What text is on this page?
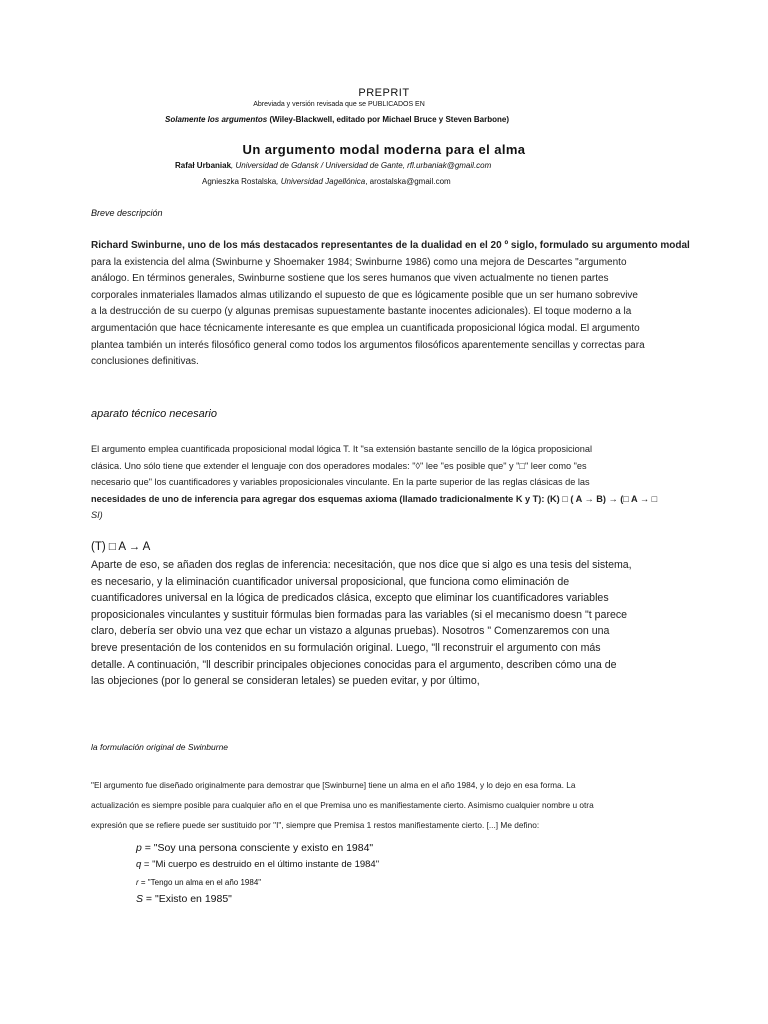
PREPRIT
Abreviada y versión revisada que se PUBLICADOS EN
Solamente los argumentos (Wiley-Blackwell, editado por Michael Bruce y Steven Barbone)
Un argumento modal moderna para el alma
Rafał Urbaniak, Universidad de Gdansk / Universidad de Gante, rfl.urbaniak@gmail.com
Agnieszka Rostalska, Universidad Jagellónica, arostalska@gmail.com
Breve descripción
Richard Swinburne, uno de los más destacados representantes de la dualidad en el 20 º siglo, formulado su argumento modal
para la existencia del alma (Swinburne y Shoemaker 1984; Swinburne 1986) como una mejora de Descartes "argumento
análogo. En términos generales, Swinburne sostiene que los seres humanos que viven actualmente no tienen partes
corporales inmateriales llamados almas utilizando el supuesto de que es lógicamente posible que un ser humano sobrevive
a la destrucción de su cuerpo (y algunas premisas supuestamente bastante inocentes adicionales). El toque moderno a la
argumentación que hace técnicamente interesante es que emplea un cuantificada proposicional lógica modal. El argumento
plantea también un interés filosófico general como todos los argumentos filosóficos aparentemente sencillas y correctas para
conclusiones definitivas.
aparato técnico necesario
El argumento emplea cuantificada proposicional modal lógica T. It "sa extensión bastante sencillo de la lógica proposicional
clásica. Uno sólo tiene que extender el lenguaje con dos operadores modales: "◊" lee "es posible que" y "□" leer como "es
necesario que" los cuantificadores y variables proposicionales vinculante. En la parte superior de las reglas clásicas de las
necesidades de uno de inferencia para agregar dos esquemas axioma (llamado tradicionalmente K y T): (K) □ ( A → B) → (□ A → □
SI)
(T) □ A → A
Aparte de eso, se añaden dos reglas de inferencia: necesitación, que nos dice que si algo es una tesis del sistema,
es necesario, y la eliminación cuantificador universal proposicional, que funciona como eliminación de
cuantificadores universal en la lógica de predicados clásica, excepto que eliminar los cuantificadores variables
proposicionales vinculantes y sustituir fórmulas bien formadas para las variables (si el mecanismo doesn "t parece
claro, debería ser obvio una vez que echar un vistazo a algunas pruebas). Nosotros " Comenzaremos con una
breve presentación de los contenidos en su formulación original. Luego, "ll reconstruir el argumento con más
detalle. A continuación, "ll describir principales objeciones conocidas para el argumento, describen cómo una de
las objeciones (por lo general se consideran letales) se pueden evitar, y por último,
la formulación original de Swinburne
"El argumento fue diseñado originalmente para demostrar que [Swinburne] tiene un alma en el año 1984, y lo dejo en esa forma. La
actualización es siempre posible para cualquier año en el que Premisa uno es manifiestamente cierto. Asimismo cualquier nombre u otra
expresión que se refiere puede ser sustituido por "I", siempre que Premisa 1 restos manifiestamente cierto. [...] Me defino:
p = "Soy una persona consciente y existo en 1984"
q = "Mi cuerpo es destruido en el último instante de 1984"
r = "Tengo un alma en el año 1984"
S = "Existo en 1985"
